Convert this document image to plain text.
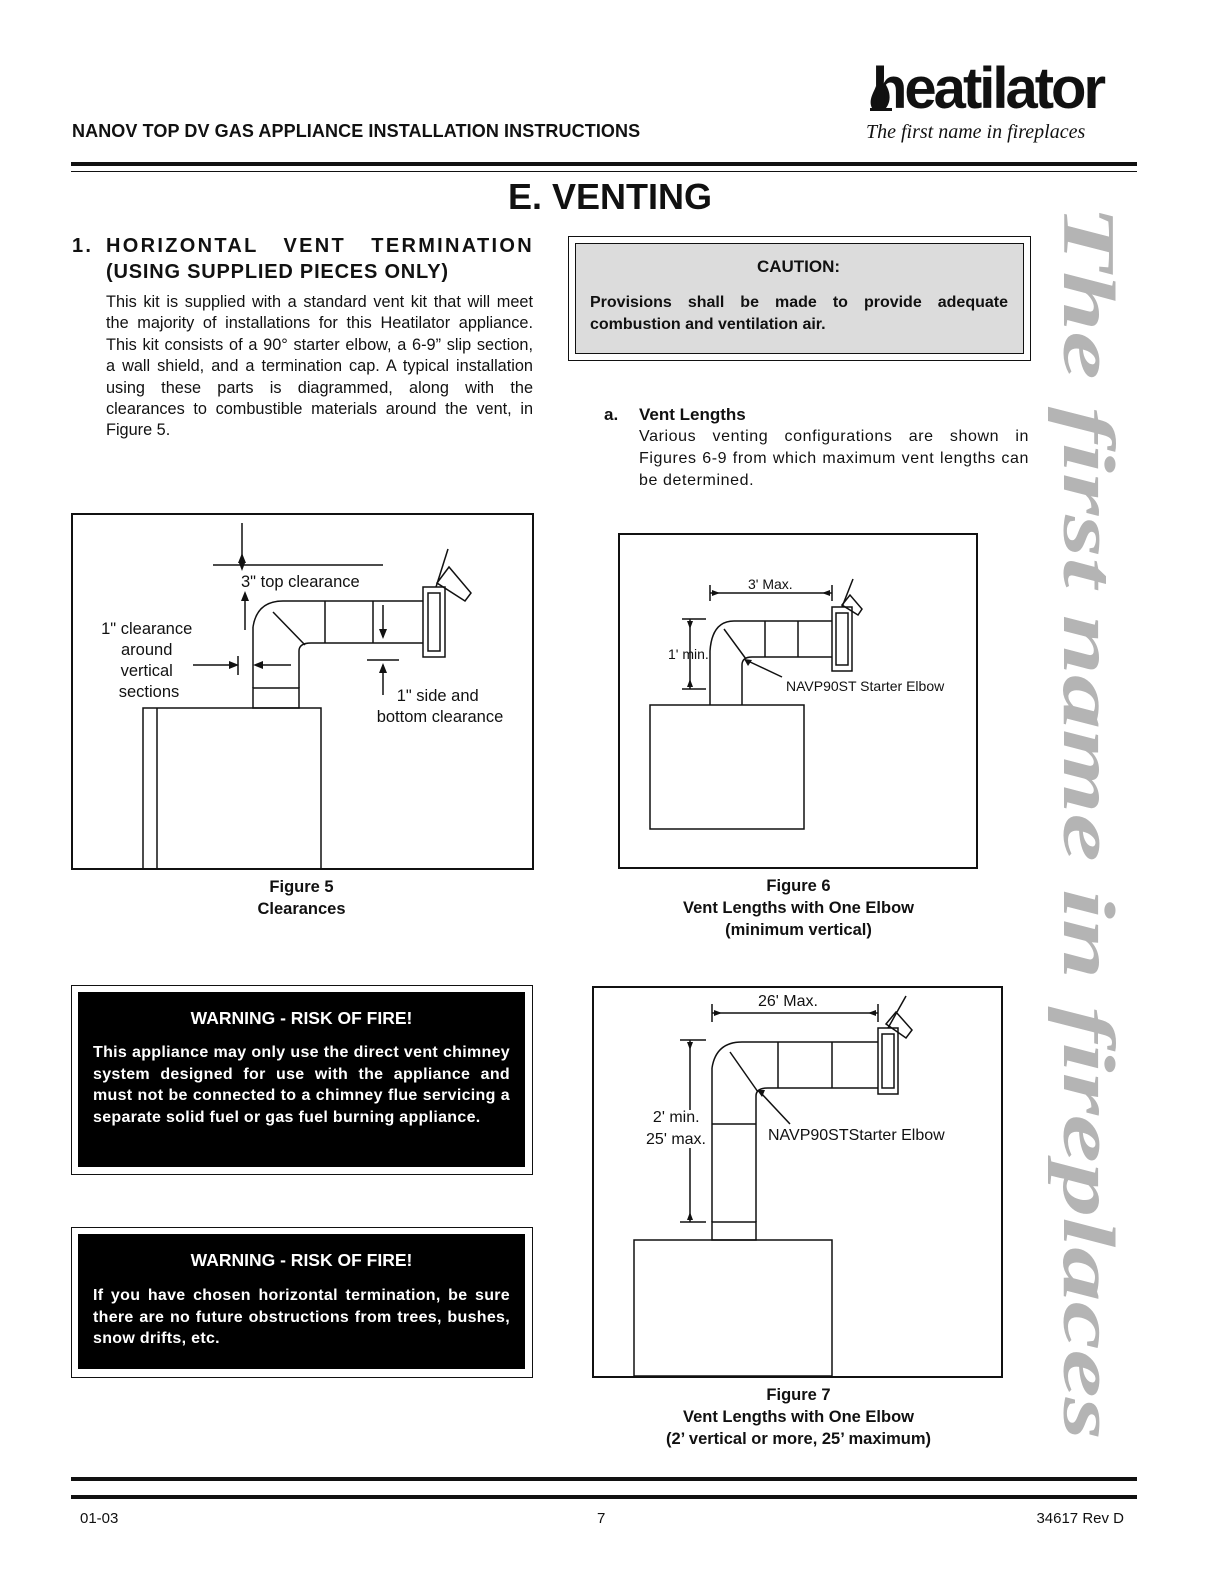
NANOV TOP DV GAS APPLIANCE INSTALLATION INSTRUCTIONS
heatilator
The first name in fireplaces
E. VENTING
1. HORIZONTAL VENT TERMINATION
(USING SUPPLIED PIECES ONLY)
This kit is supplied with a standard vent kit that will meet the majority of installations for this Heatilator appliance. This kit consists of a 90° starter elbow, a 6-9” slip section, a wall shield, and a termination cap. A typical installation using these parts is diagrammed, along with the clearances to combustible materials around the vent, in Figure 5.
CAUTION:
Provisions shall be made to provide adequate combustion and ventilation air.
a. Vent Lengths
Various venting configurations are shown in Figures 6-9 from which maximum vent lengths can be determined.
3" top clearance
1" clearance around vertical sections	1" side and bottom clearance
Figure 5
Clearances
3' Max.
1' min.
NAVP90ST Starter Elbow
Figure 6
Vent Lengths with One Elbow
(minimum vertical)
WARNING - RISK OF FIRE!
This appliance may only use the direct vent chimney system designed for use with the appliance and must not be connected to a chimney flue servicing a separate solid fuel or gas fuel burning appliance.
WARNING - RISK OF FIRE!
If you have chosen horizontal termination, be sure there are no future obstructions from trees, bushes, snow drifts, etc.
26' Max.
2' min. 25' max.	NAVP90STStarter Elbow
Figure 7
Vent Lengths with One Elbow
(2’ vertical or more, 25’ maximum)
The first name in fireplaces
01-03	7	34617 Rev D
